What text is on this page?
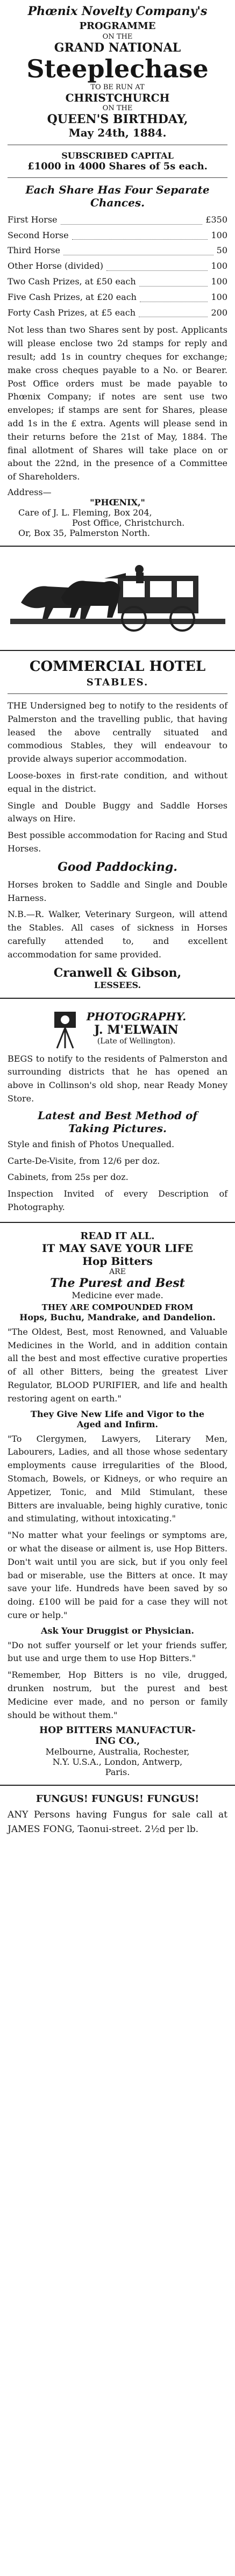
Phœnix Novelty Company's
PROGRAMME
ON THE
GRAND NATIONAL
Steeplechase
TO BE RUN AT
CHRISTCHURCH
ON THE
QUEEN'S BIRTHDAY,
May 24th, 1884.
SUBSCRIBED CAPITAL
£1000 in 4000 Shares of 5s each.
Each Share Has Four Separate
Chances.
First Horse	£350
Second Horse	100
Third Horse	50
Other Horse (divided)	100
Two Cash Prizes, at £50 each	100
Five Cash Prizes, at £20 each	100
Forty Cash Prizes, at £5 each	200

Not less than two Shares sent by post. Applicants will please enclose two 2d stamps for reply and result; add 1s in country cheques for exchange; make cross cheques payable to a No. or Bearer. Post Office orders must be made payable to Phœnix Company; if notes are sent use two envelopes; if stamps are sent for Shares, please add 1s in the £ extra. Agents will please send in their returns before the 21st of May, 1884. The final allotment of Shares will take place on or about the 22nd, in the presence of a Committee of Shareholders.

Address—
"PHŒNIX,"
Care of J. L. Fleming, Box 204,
Post Office, Christchurch.
Or, Box 35, Palmerston North.
COMMERCIAL HOTEL
STABLES.

THE Undersigned beg to notify to the residents of Palmerston and the travelling public, that having leased the above centrally situated and commodious Stables, they will endeavour to provide always superior accommodation.

Loose-boxes in first-rate condition, and without equal in the district.

Single and Double Buggy and Saddle Horses always on Hire.

Best possible accommodation for Racing and Stud Horses.

Good Paddocking.

Horses broken to Saddle and Single and Double Harness.

N.B.—R. Walker, Veterinary Surgeon, will attend the Stables. All cases of sickness in Horses carefully attended to, and excellent accommodation for same provided.

Cranwell & Gibson,
LESSEES.
PHOTOGRAPHY.
J. M'ELWAIN
(Late of Wellington).

BEGS to notify to the residents of Palmerston and surrounding districts that he has opened an above in Collinson's old shop, near Ready Money Store.

Latest and Best Method of
Taking Pictures.

Style and finish of Photos Unequalled.

Carte-De-Visite, from 12/6 per doz.

Cabinets, from 25s per doz.

Inspection Invited of every Description of Photography.

READ IT ALL.
IT MAY SAVE YOUR LIFE
Hop Bitters
ARE
The Purest and Best
Medicine ever made.
THEY ARE COMPOUNDED FROM
Hops, Buchu, Mandrake, and Dandelion.

"The Oldest, Best, most Renowned, and Valuable Medicines in the World, and in addition contain all the best and most effective curative properties of all other Bitters, being the greatest Liver Regulator, BLOOD PURIFIER, and life and health restoring agent on earth."

They Give New Life and Vigor to the
Aged and Infirm.

"To Clergymen, Lawyers, Literary Men, Labourers, Ladies, and all those whose sedentary employments cause irregularities of the Blood, Stomach, Bowels, or Kidneys, or who require an Appetizer, Tonic, and Mild Stimulant, these Bitters are invaluable, being highly curative, tonic and stimulating, without intoxicating."

"No matter what your feelings or symptoms are, or what the disease or ailment is, use Hop Bitters. Don't wait until you are sick, but if you only feel bad or miserable, use the Bitters at once. It may save your life. Hundreds have been saved by so doing. £100 will be paid for a case they will not cure or help."

Ask Your Druggist or Physician.

"Do not suffer yourself or let your friends suffer, but use and urge them to use Hop Bitters."

"Remember, Hop Bitters is no vile, drugged, drunken nostrum, but the purest and best Medicine ever made, and no person or family should be without them."

HOP BITTERS MANUFACTUR-
ING CO.,
Melbourne, Australia, Rochester,
N.Y. U.S.A., London, Antwerp,
Paris.
FUNGUS! FUNGUS! FUNGUS!

ANY Persons having Fungus for sale call at JAMES FONG, Taonui-street. 2½d per lb.
